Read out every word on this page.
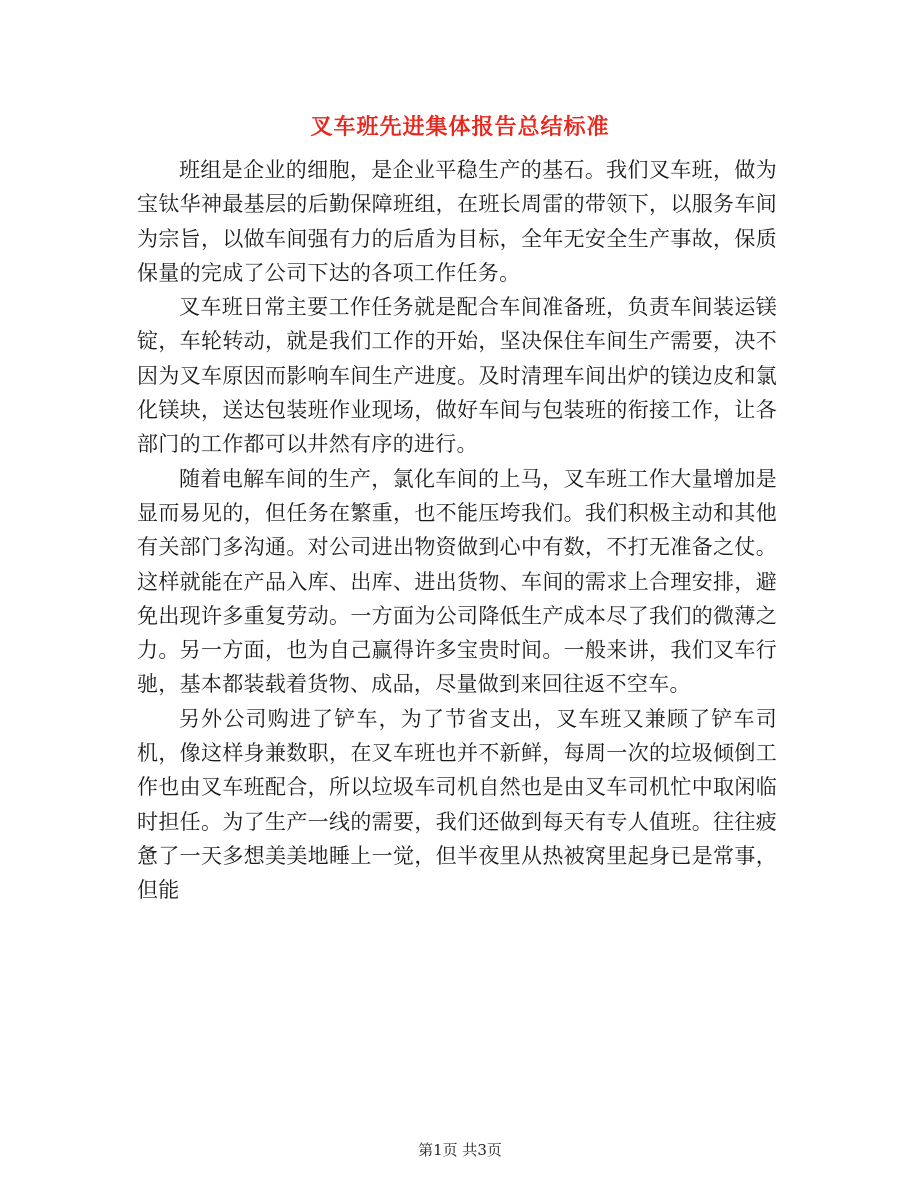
叉车班先进集体报告总结标准

班组是企业的细胞，是企业平稳生产的基石。我们叉车班，做为宝钛华神最基层的后勤保障班组，在班长周雷的带领下，以服务车间为宗旨，以做车间强有力的后盾为目标，全年无安全生产事故，保质保量的完成了公司下达的各项工作任务。

叉车班日常主要工作任务就是配合车间准备班，负责车间装运镁锭，车轮转动，就是我们工作的开始，坚决保住车间生产需要，决不因为叉车原因而影响车间生产进度。及时清理车间出炉的镁边皮和氯化镁块，送达包装班作业现场，做好车间与包装班的衔接工作，让各部门的工作都可以井然有序的进行。

随着电解车间的生产，氯化车间的上马，叉车班工作大量增加是显而易见的，但任务在繁重，也不能压垮我们。我们积极主动和其他有关部门多沟通。对公司进出物资做到心中有数，不打无准备之仗。这样就能在产品入库、出库、进出货物、车间的需求上合理安排，避免出现许多重复劳动。一方面为公司降低生产成本尽了我们的微薄之力。另一方面，也为自己赢得许多宝贵时间。一般来讲，我们叉车行驰，基本都装载着货物、成品，尽量做到来回往返不空车。

另外公司购进了铲车，为了节省支出，叉车班又兼顾了铲车司机，像这样身兼数职，在叉车班也并不新鲜，每周一次的垃圾倾倒工作也由叉车班配合，所以垃圾车司机自然也是由叉车司机忙中取闲临时担任。为了生产一线的需要，我们还做到每天有专人值班。往往疲惫了一天多想美美地睡上一觉，但半夜里从热被窝里起身已是常事，但能

第1页 共3页
